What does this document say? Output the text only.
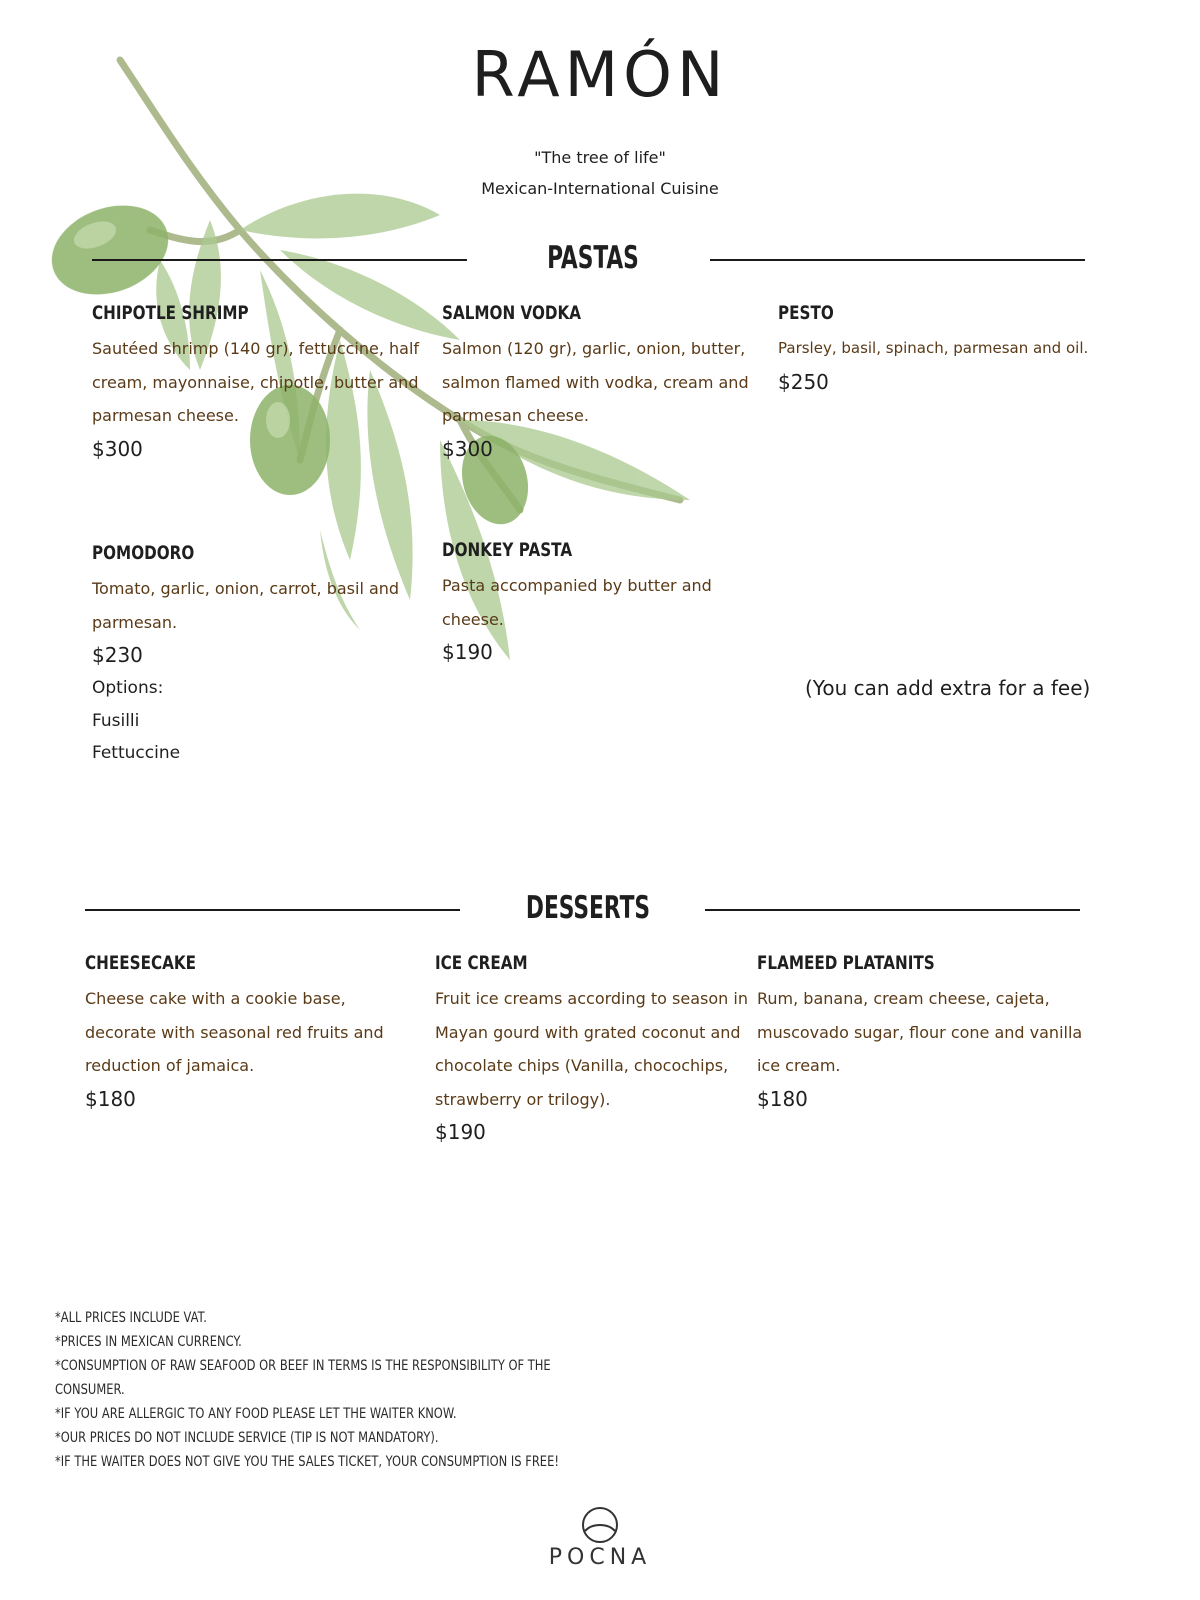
RAMÓN
"The tree of life"
Mexican-International Cuisine
PASTAS
CHIPOTLE SHRIMP
Sautéed shrimp (140 gr), fettuccine, half cream, mayonnaise, chipotle, butter and parmesan cheese.
$300
SALMON VODKA
Salmon (120 gr), garlic, onion, butter, salmon flamed with vodka, cream and parmesan cheese.
$300
PESTO
Parsley, basil, spinach, parmesan and oil.
$250
POMODORO
Tomato, garlic, onion, carrot, basil and parmesan.
$230
Options:
Fusilli
Fettuccine
DONKEY PASTA
Pasta accompanied by butter and cheese.
$190
(You can add extra for a fee)
DESSERTS
CHEESECAKE
Cheese cake with a cookie base, decorate with seasonal red fruits and reduction of jamaica.
$180
ICE CREAM
Fruit ice creams according to season in Mayan gourd with grated coconut and chocolate chips (Vanilla, chocochips, strawberry or trilogy).
$190
FLAMEED PLATANITS
Rum, banana, cream cheese, cajeta, muscovado sugar, flour cone and vanilla ice cream.
$180
*ALL PRICES INCLUDE VAT.
*PRICES IN MEXICAN CURRENCY.
*CONSUMPTION OF RAW SEAFOOD OR BEEF IN TERMS IS THE RESPONSIBILITY OF THE
CONSUMER.
*IF YOU ARE ALLERGIC TO ANY FOOD PLEASE LET THE WAITER KNOW.
*OUR PRICES DO NOT INCLUDE SERVICE (TIP IS NOT MANDATORY).
*IF THE WAITER DOES NOT GIVE YOU THE SALES TICKET, YOUR CONSUMPTION IS FREE!
POCNA
